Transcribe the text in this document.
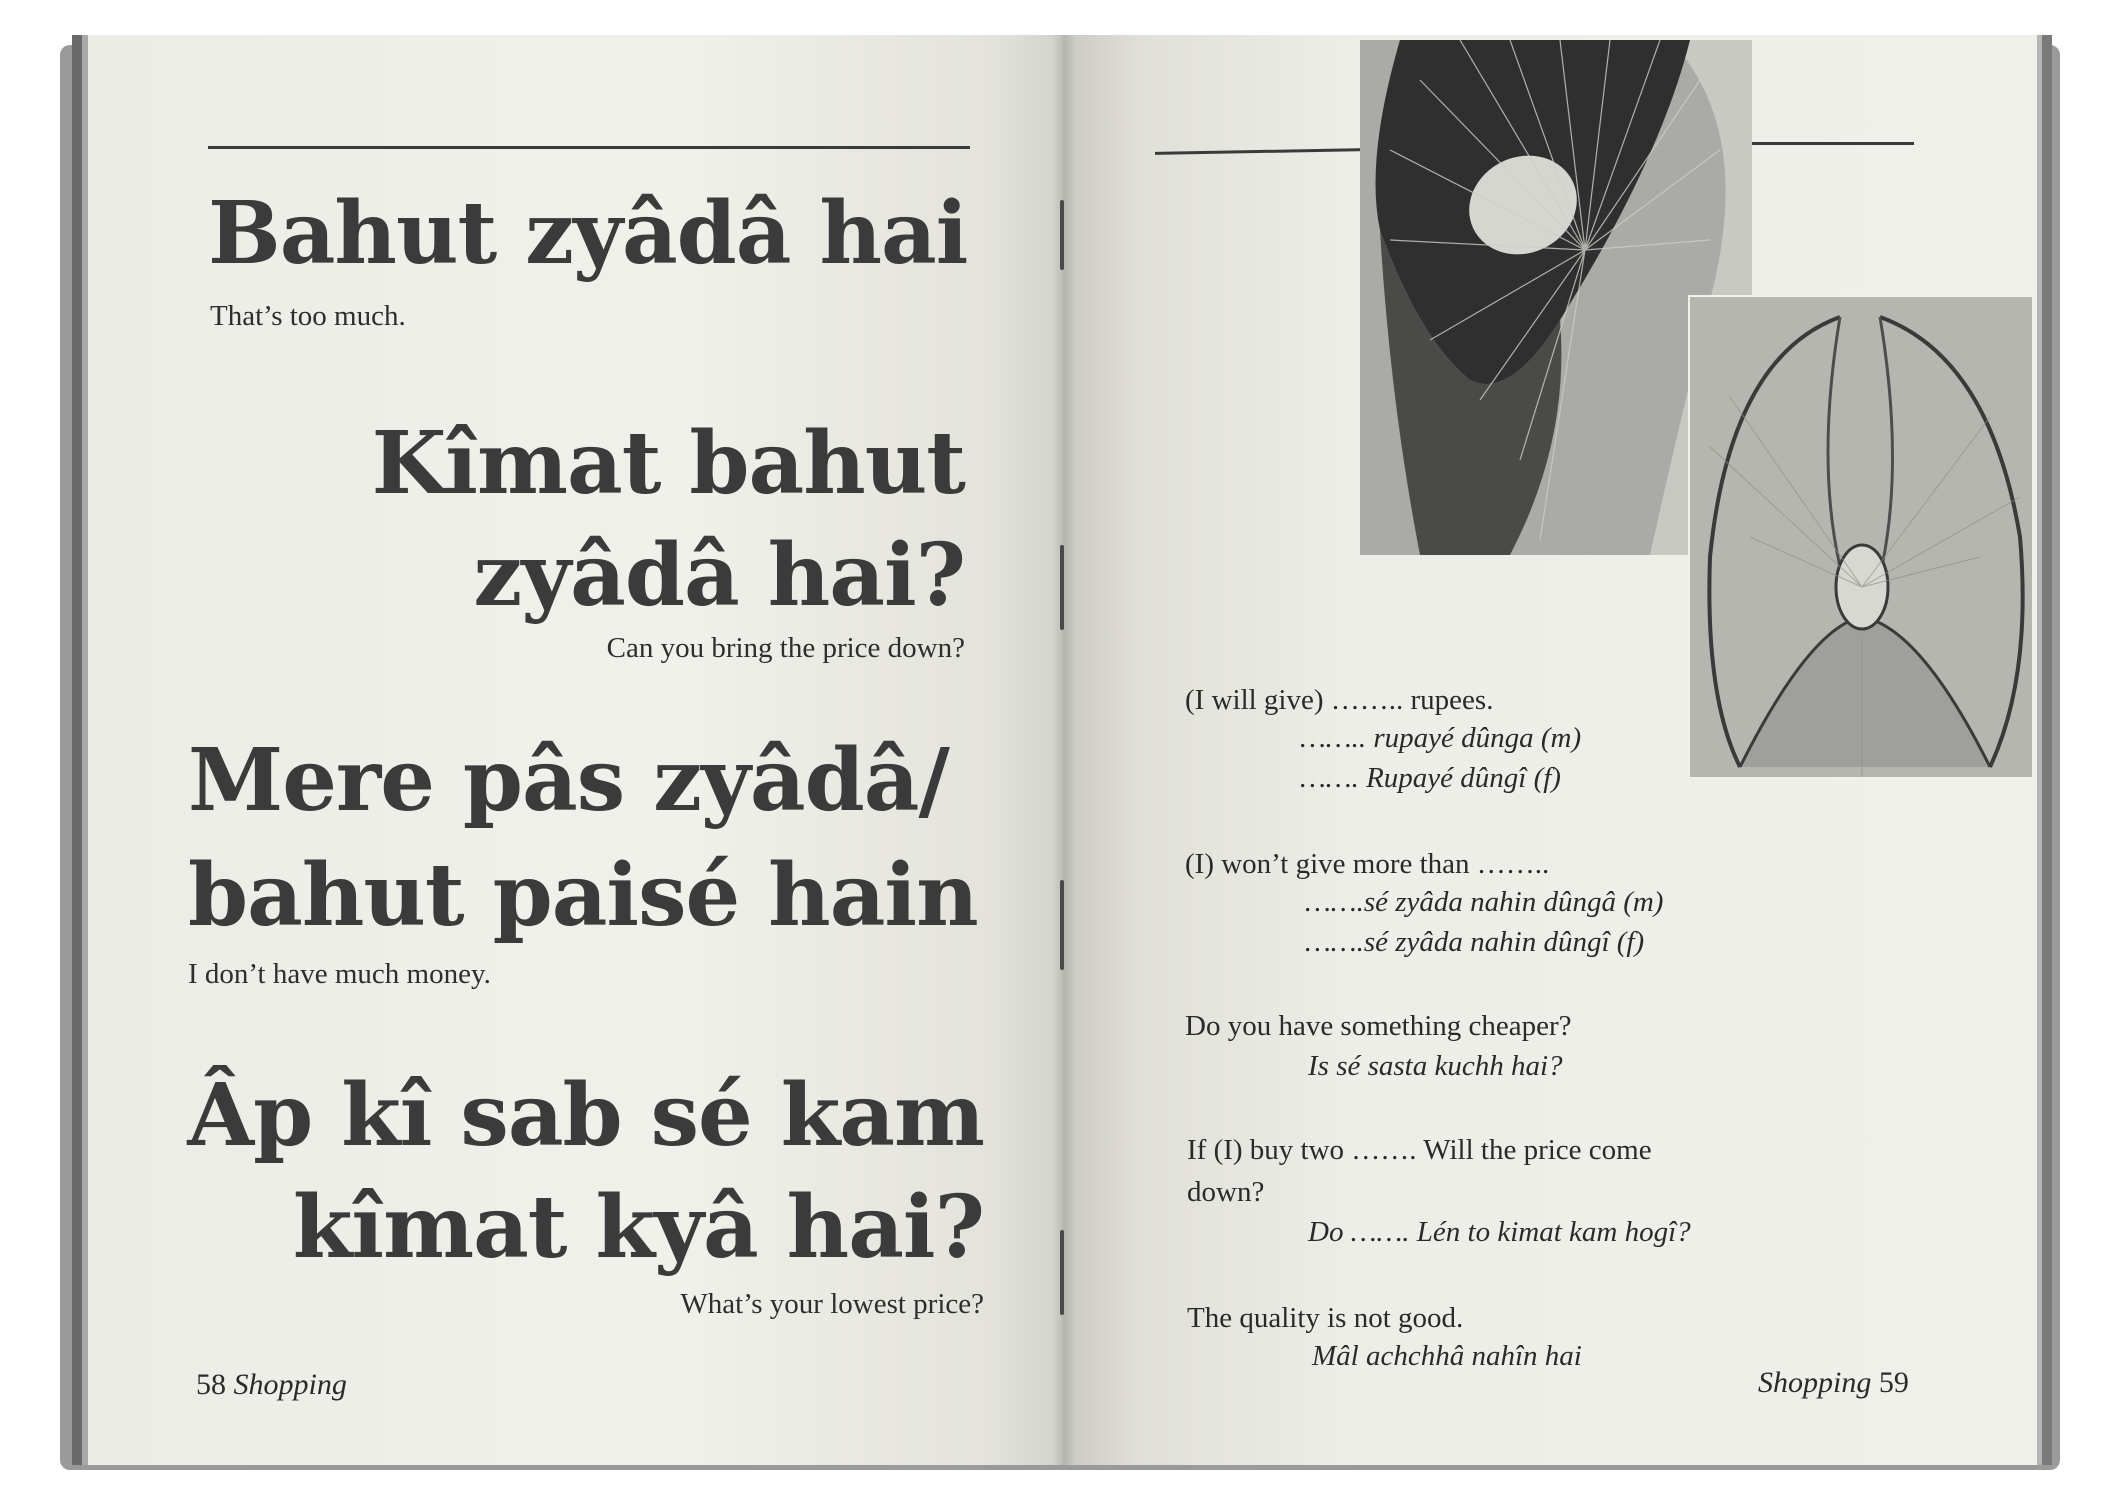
Bahut zyâdâ hai
That’s too much.
Kîmat bahut
zyâdâ hai?
Can you bring the price down?
Mere pâs zyâdâ/
bahut paisé hain
I don’t have much money.
Âp kî sab sé kam
kîmat kyâ hai?
What’s your lowest price?
58 Shopping
(I will give) …….. rupees.
…….. rupayé dûnga (m)
……. Rupayé dûngî (f)
(I) won’t give more than ……..
…….sé zyâda nahin dûngâ (m)
…….sé zyâda nahin dûngî (f)
Do you have something cheaper?
Is sé sasta kuchh hai?
If (I) buy two ……. Will the price come
down?
Do ……. Lén to kimat kam hogî?
The quality is not good.
Mâl achchhâ nahîn hai
Shopping 59
